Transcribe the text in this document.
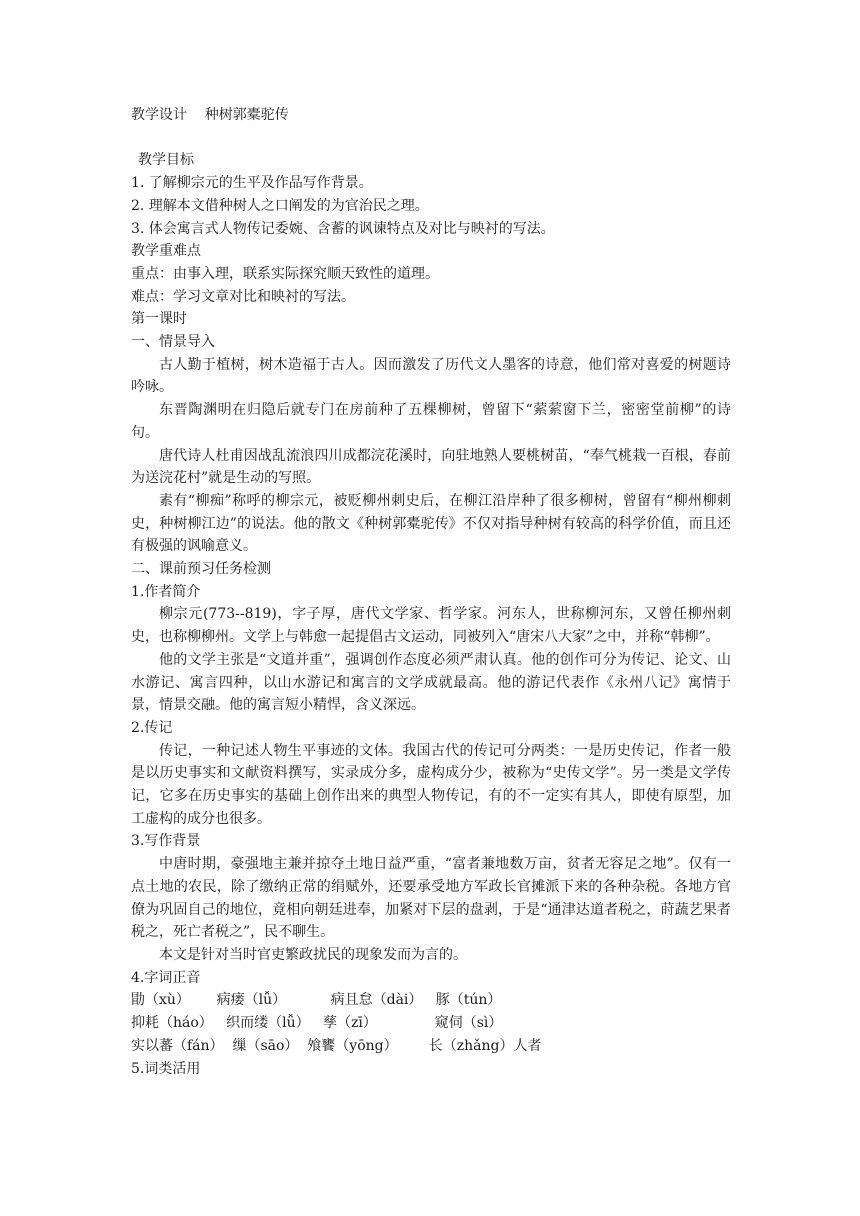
教学设计    种树郭橐驼传
教学目标
1. 了解柳宗元的生平及作品写作背景。
2. 理解本文借种树人之口阐发的为官治民之理。
3. 体会寓言式人物传记委婉、含蓄的讽谏特点及对比与映衬的写法。
教学重难点
重点：由事入理，联系实际探究顺天致性的道理。
难点：学习文章对比和映衬的写法。
第一课时
一、情景导入
古人勤于植树，树木造福于古人。因而激发了历代文人墨客的诗意，他们常对喜爱的树题诗吟咏。
东晋陶渊明在归隐后就专门在房前种了五棵柳树，曾留下“萦萦窗下兰，密密堂前柳”的诗句。
唐代诗人杜甫因战乱流浪四川成都浣花溪时，向驻地熟人要桃树苗，“奉气桃栽一百根，春前为送浣花村”就是生动的写照。
素有“柳痴”称呼的柳宗元，被贬柳州刺史后，在柳江沿岸种了很多柳树，曾留有“柳州柳刺史，种树柳江边”的说法。他的散文《种树郭橐驼传》不仅对指导种树有较高的科学价值，而且还有极强的讽喻意义。
二、课前预习任务检测
1.作者简介
柳宗元(773--819)，字子厚，唐代文学家、哲学家。河东人，世称柳河东，又曾任柳州刺史，也称柳柳州。文学上与韩愈一起提倡古文运动，同被列入“唐宋八大家”之中，并称“韩柳”。
他的文学主张是“文道并重”，强调创作态度必须严肃认真。他的创作可分为传记、论文、山水游记、寓言四种，以山水游记和寓言的文学成就最高。他的游记代表作《永州八记》寓情于景，情景交融。他的寓言短小精悍，含义深远。
2.传记
传记，一种记述人物生平事迹的文体。我国古代的传记可分两类：一是历史传记，作者一般是以历史事实和文献资料撰写，实录成分多，虚构成分少，被称为“史传文学”。另一类是文学传记，它多在历史事实的基础上创作出来的典型人物传记，有的不一定实有其人，即使有原型，加工虚构的成分也很多。
3.写作背景
中唐时期，豪强地主兼并掠夺土地日益严重，“富者兼地数万亩，贫者无容足之地”。仅有一点土地的农民，除了缴纳正常的绢赋外，还要承受地方军政长官摊派下来的各种杂税。各地方官僚为巩固自己的地位，竟相向朝廷进奉，加紧对下层的盘剥，于是“通津达道者税之，莳蔬艺果者税之，死亡者税之”，民不聊生。
本文是针对当时官吏繁政扰民的现象发而为言的。
4.字词正音
勖（xù）      病瘘（lǚ）          病且怠（dài）   豚（tún）
抑耗（háo）   织而缕（lǚ）   孳（zī）             窥伺（sì）
实以蕃（fán）  缫（sāo）  飧饔（yōng）       长（zhǎng）人者
5.词类活用
